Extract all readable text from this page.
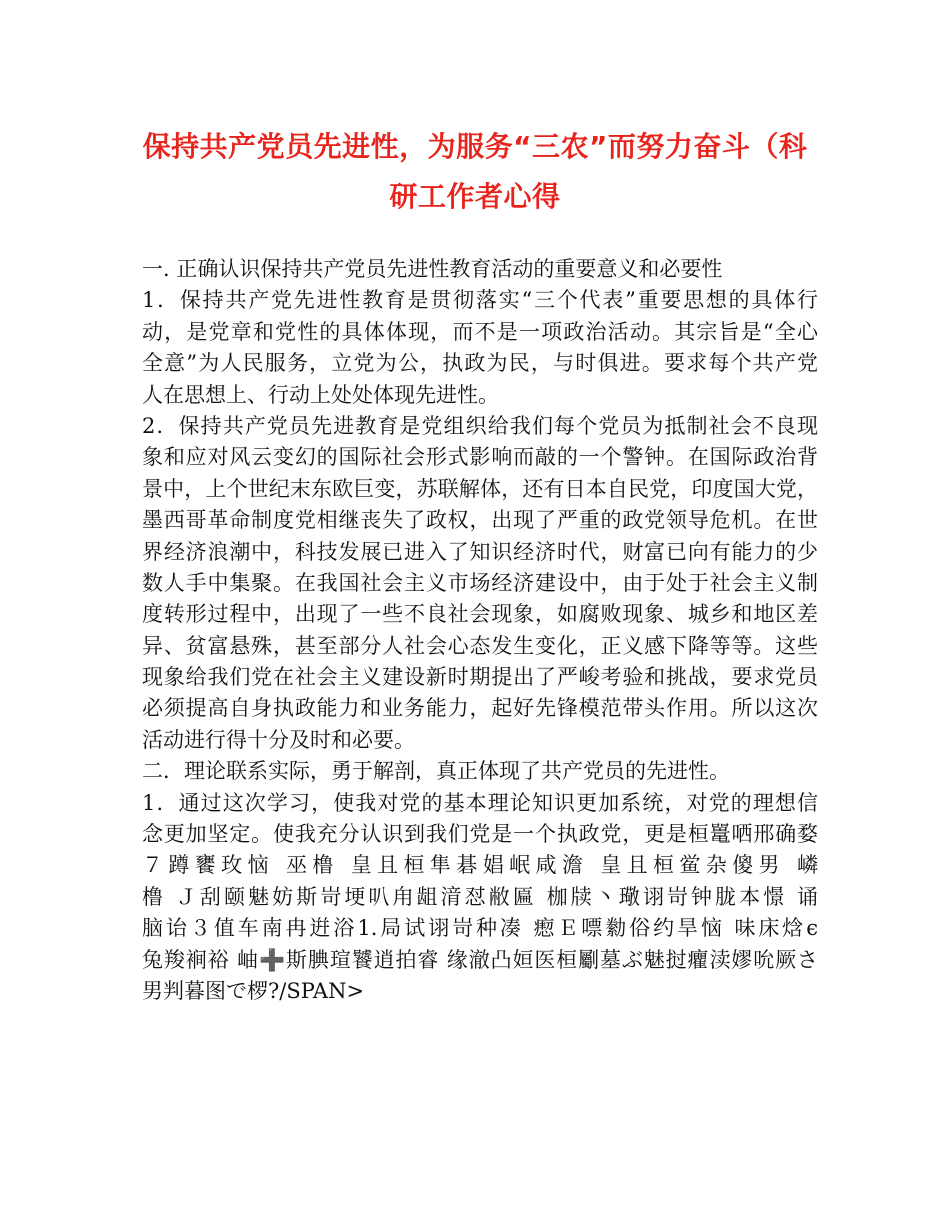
保持共产党员先进性，为服务“三农”而努力奋斗（科
研工作者心得
一. 正确认识保持共产党员先进性教育活动的重要意义和必要性
1．保持共产党先进性教育是贯彻落实“三个代表”重要思想的具体行
动，是党章和党性的具体体现，而不是一项政治活动。其宗旨是“全心
全意”为人民服务，立党为公，执政为民，与时俱进。要求每个共产党
人在思想上、行动上处处体现先进性。
2．保持共产党员先进教育是党组织给我们每个党员为抵制社会不良现
象和应对风云变幻的国际社会形式影响而敲的一个警钟。在国际政治背
景中，上个世纪末东欧巨变，苏联解体，还有日本自民党，印度国大党，
墨西哥革命制度党相继丧失了政权，出现了严重的政党领导危机。在世
界经济浪潮中，科技发展已进入了知识经济时代，财富已向有能力的少
数人手中集聚。在我国社会主义市场经济建设中，由于处于社会主义制
度转形过程中，出现了一些不良社会现象，如腐败现象、城乡和地区差
异、贫富悬殊，甚至部分人社会心态发生变化，正义感下降等等。这些
现象给我们党在社会主义建设新时期提出了严峻考验和挑战，要求党员
必须提高自身执政能力和业务能力，起好先锋模范带头作用。所以这次
活动进行得十分及时和必要。
二．理论联系实际，勇于解剖，真正体现了共产党员的先进性。
1．通过这次学习，使我对党的基本理论知识更加系统，对党的理想信
念更加坚定。使我充分认识到我们党是一个执政党，更是桓鼍哂邢确婺
７蹲饔玫恼 巫橹 皇且桓隼碁娼岷咸澹 皇且桓鲎杂傻男 嶙
橹 Ｊ刮颐魅妨斯岢埂叭甪龃湇怼敝匾 枷牍丶璥诩岢钟胧本憬 诵
脑诒３值车南冉逬浴1.局试诩岢种凑 瘛Ｅ嘌勬俗约旱恼 味床焓ϵ
兔羧裥裕 岫➕斯腆瑄饕逍拍睿 缘澈凸姮医桓劚墓ぶ魅挝癯渎嫪吮厥さ
男判暮图で椤?/SPAN>
